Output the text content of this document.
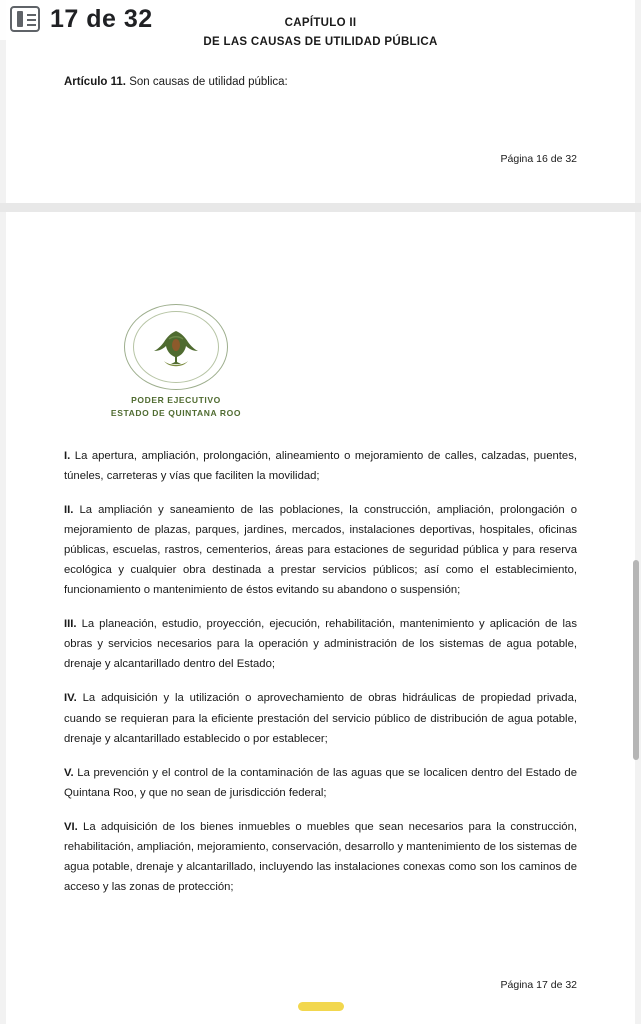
17 de 32	CAPÍTULO II
DE LAS CAUSAS DE UTILIDAD PÚBLICA
Artículo 11. Son causas de utilidad pública:
Página 16 de 32
PODER EJECUTIVO
ESTADO DE QUINTANA ROO

I. La apertura, ampliación, prolongación, alineamiento o mejoramiento de calles, calzadas, puentes, túneles, carreteras y vías que faciliten la movilidad;

II. La ampliación y saneamiento de las poblaciones, la construcción, ampliación, prolongación o mejoramiento de plazas, parques, jardines, mercados, instalaciones deportivas, hospitales, oficinas públicas, escuelas, rastros, cementerios, áreas para estaciones de seguridad pública y para reserva ecológica y cualquier obra destinada a prestar servicios públicos; así como el establecimiento, funcionamiento o mantenimiento de éstos evitando su abandono o suspensión;

III. La planeación, estudio, proyección, ejecución, rehabilitación, mantenimiento y aplicación de las obras y servicios necesarios para la operación y administración de los sistemas de agua potable, drenaje y alcantarillado dentro del Estado;

IV. La adquisición y la utilización o aprovechamiento de obras hidráulicas de propiedad privada, cuando se requieran para la eficiente prestación del servicio público de distribución de agua potable, drenaje y alcantarillado establecido o por establecer;

V. La prevención y el control de la contaminación de las aguas que se localicen dentro del Estado de Quintana Roo, y que no sean de jurisdicción federal;

VI. La adquisición de los bienes inmuebles o muebles que sean necesarios para la construcción, rehabilitación, ampliación, mejoramiento, conservación, desarrollo y mantenimiento de los sistemas de agua potable, drenaje y alcantarillado, incluyendo las instalaciones conexas como son los caminos de acceso y las zonas de protección;

Página 17 de 32
